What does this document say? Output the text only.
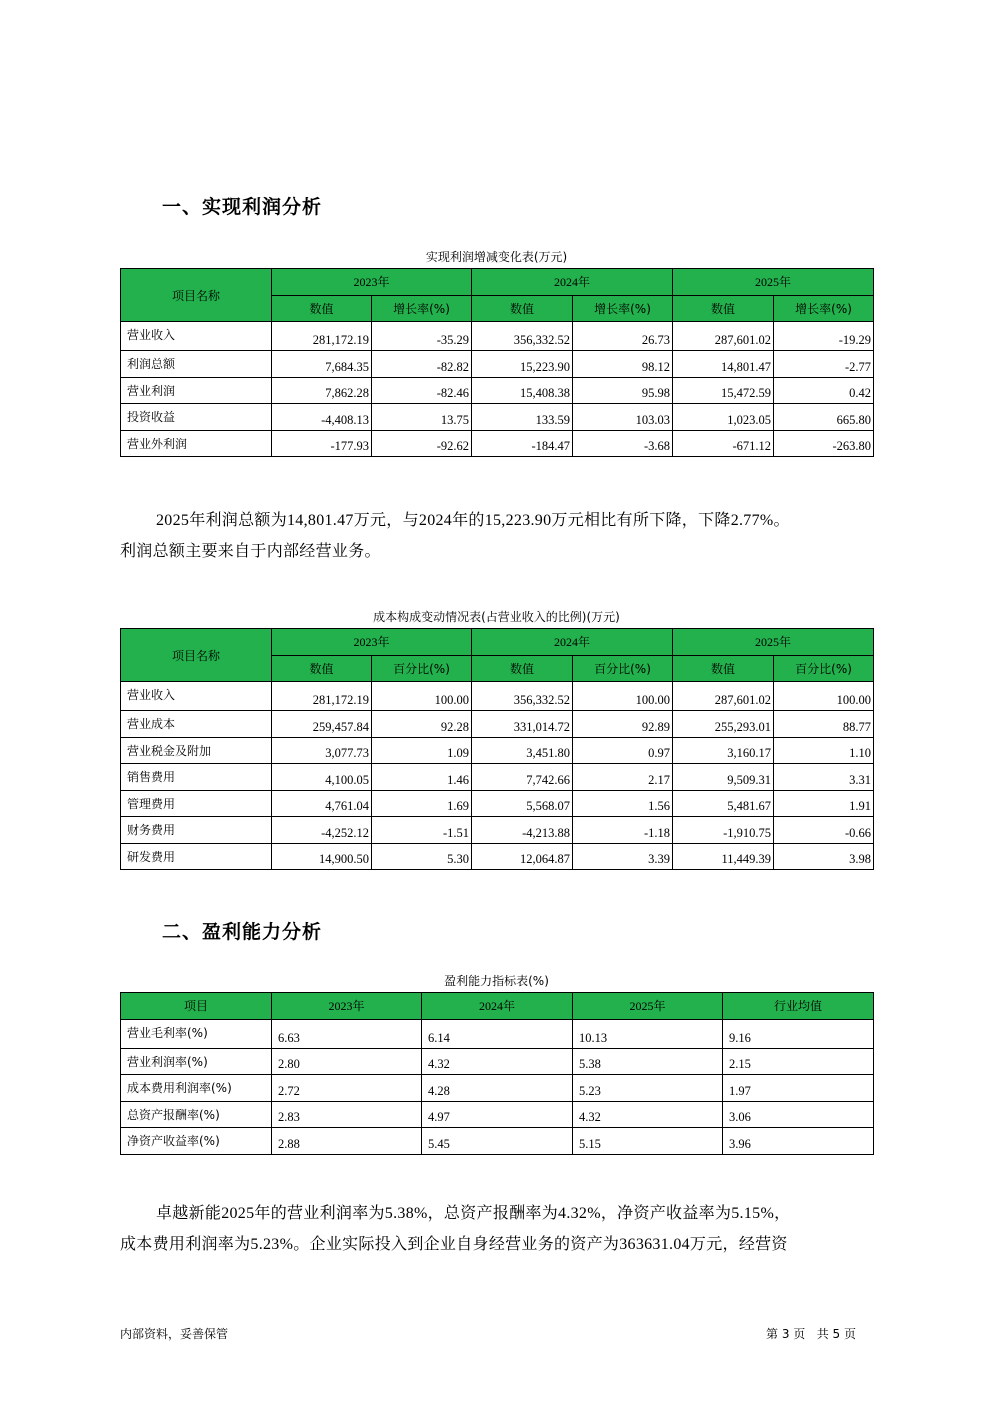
一、实现利润分析
实现利润增减变化表(万元)
项目名称	2023年		2024年		2025年	
	数值	增长率(%)	数值	增长率(%)	数值	增长率(%)
营业收入	281,172.19	-35.29	356,332.52	26.73	287,601.02	-19.29
利润总额	7,684.35	-82.82	15,223.90	98.12	14,801.47	-2.77
营业利润	7,862.28	-82.46	15,408.38	95.98	15,472.59	0.42
投资收益	-4,408.13	13.75	133.59	103.03	1,023.05	665.80
营业外利润	-177.93	-92.62	-184.47	-3.68	-671.12	-263.80

2025年利润总额为14,801.47万元，与2024年的15,223.90万元相比有所下降，下降2.77%。

利润总额主要来自于内部经营业务。

成本构成变动情况表(占营业收入的比例)(万元)
项目名称	2023年		2024年		2025年	
	数值	百分比(%)	数值	百分比(%)	数值	百分比(%)
营业收入	281,172.19	100.00	356,332.52	100.00	287,601.02	100.00
营业成本	259,457.84	92.28	331,014.72	92.89	255,293.01	88.77
营业税金及附加	3,077.73	1.09	3,451.80	0.97	3,160.17	1.10
销售费用	4,100.05	1.46	7,742.66	2.17	9,509.31	3.31
管理费用	4,761.04	1.69	5,568.07	1.56	5,481.67	1.91
财务费用	-4,252.12	-1.51	-4,213.88	-1.18	-1,910.75	-0.66
研发费用	14,900.50	5.30	12,064.87	3.39	11,449.39	3.98
二、盈利能力分析
盈利能力指标表(%)
项目	2023年	2024年	2025年	行业均值
营业毛利率(%)	6.63	6.14	10.13	9.16
营业利润率(%)	2.80	4.32	5.38	2.15
成本费用利润率(%)	2.72	4.28	5.23	1.97
总资产报酬率(%)	2.83	4.97	4.32	3.06
净资产收益率(%)	2.88	5.45	5.15	3.96

卓越新能2025年的营业利润率为5.38%，总资产报酬率为4.32%，净资产收益率为5.15%，

成本费用利润率为5.23%。企业实际投入到企业自身经营业务的资产为363631.04万元，经营资

内部资料，妥善保管	第 3 页   共 5 页
